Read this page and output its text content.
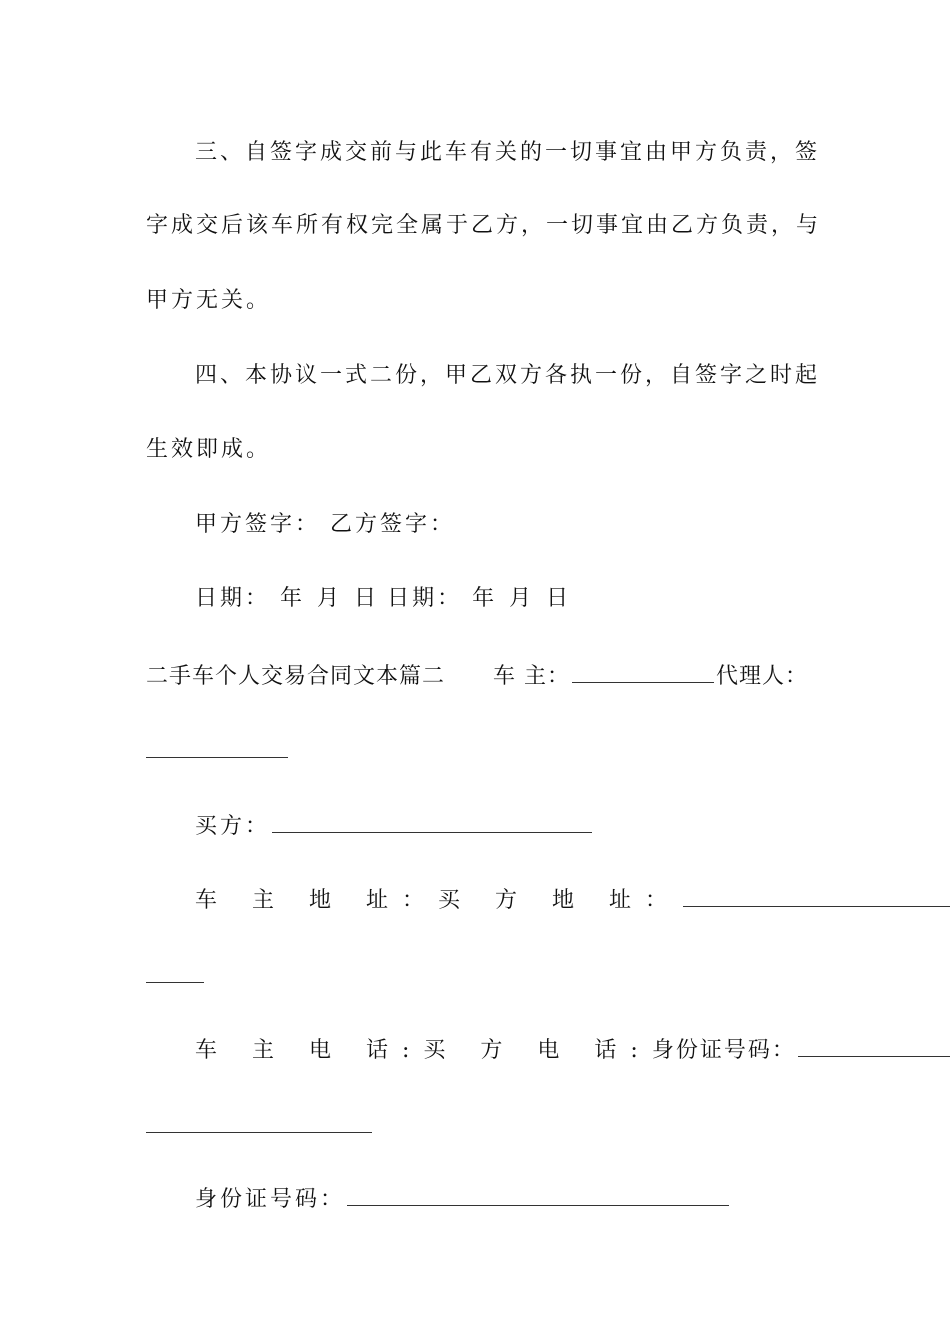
三、自签字成交前与此车有关的一切事宜由甲方负责，签
字成交后该车所有权完全属于乙方，一切事宜由乙方负责，与
甲方无关。
四、本协议一式二份，甲乙双方各执一份，自签字之时起
生效即成。
甲方签字： 乙方签字：
日期： 年 月 日 日期： 年 月 日
二手车个人交易合同文本篇二 车 主：	代理人：
买方：
车 主 地 址：买 方 地 址：
车 主 电 话:买 方 电 话:身份证号码：
身份证号码：
